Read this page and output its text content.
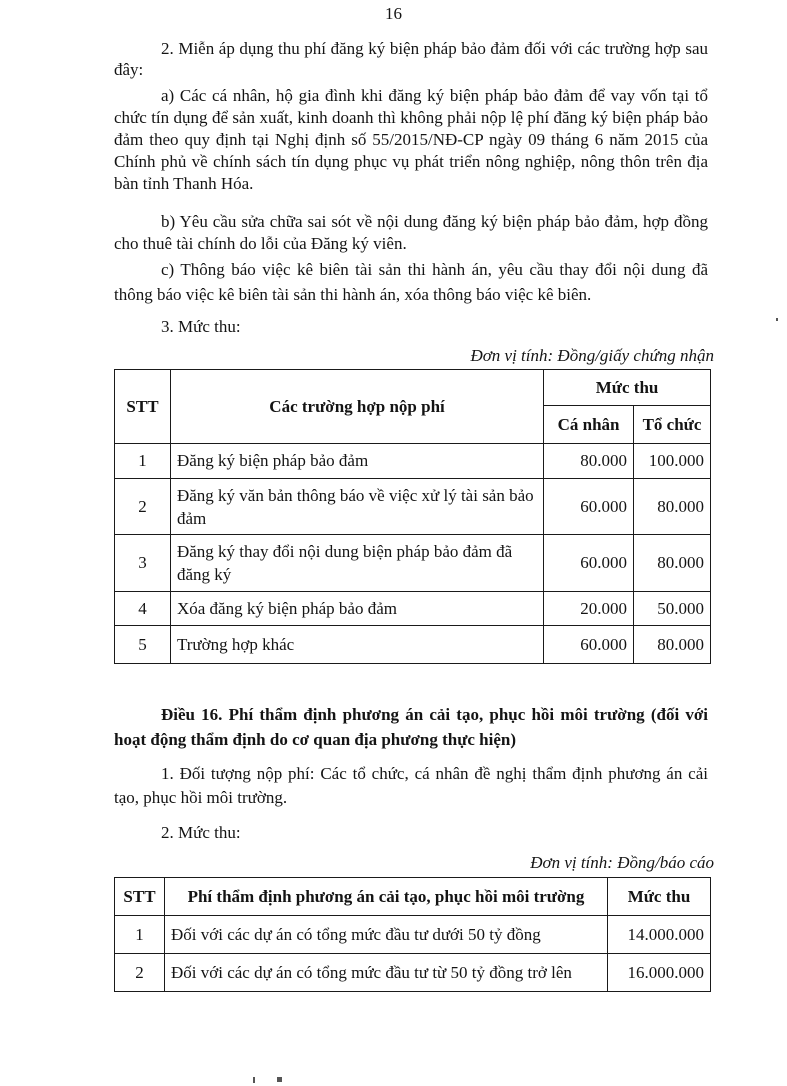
16

2. Miễn áp dụng thu phí đăng ký biện pháp bảo đảm đối với các trường hợp sau đây:

a) Các cá nhân, hộ gia đình khi đăng ký biện pháp bảo đảm để vay vốn tại tổ chức tín dụng để sản xuất, kinh doanh thì không phải nộp lệ phí đăng ký biện pháp bảo đảm theo quy định tại Nghị định số 55/2015/NĐ-CP ngày 09 tháng 6 năm 2015 của Chính phủ về chính sách tín dụng phục vụ phát triển nông nghiệp, nông thôn trên địa bàn tỉnh Thanh Hóa.

b) Yêu cầu sửa chữa sai sót về nội dung đăng ký biện pháp bảo đảm, hợp đồng cho thuê tài chính do lỗi của Đăng ký viên.

c) Thông báo việc kê biên tài sản thi hành án, yêu cầu thay đổi nội dung đã thông báo việc kê biên tài sản thi hành án, xóa thông báo việc kê biên.

3. Mức thu:

Đơn vị tính: Đồng/giấy chứng nhận
STT	Các trường hợp nộp phí	Mức thu	
		Cá nhân	Tổ chức
1	Đăng ký biện pháp bảo đảm	80.000	100.000
2	Đăng ký văn bản thông báo về việc xử lý tài sản bảo đảm	60.000	80.000
3	Đăng ký thay đổi nội dung biện pháp bảo đảm đã đăng ký	60.000	80.000
4	Xóa đăng ký biện pháp bảo đảm	20.000	50.000
5	Trường hợp khác	60.000	80.000

Điều 16. Phí thẩm định phương án cải tạo, phục hồi môi trường (đối với hoạt động thẩm định do cơ quan địa phương thực hiện)

1. Đối tượng nộp phí: Các tổ chức, cá nhân đề nghị thẩm định phương án cải tạo, phục hồi môi trường.

2. Mức thu:

Đơn vị tính: Đồng/báo cáo
STT	Phí thẩm định phương án cải tạo, phục hồi môi trường	Mức thu
1	Đối với các dự án có tổng mức đầu tư dưới 50 tỷ đồng	14.000.000
2	Đối với các dự án có tổng mức đầu tư từ 50 tỷ đồng trở lên	16.000.000
